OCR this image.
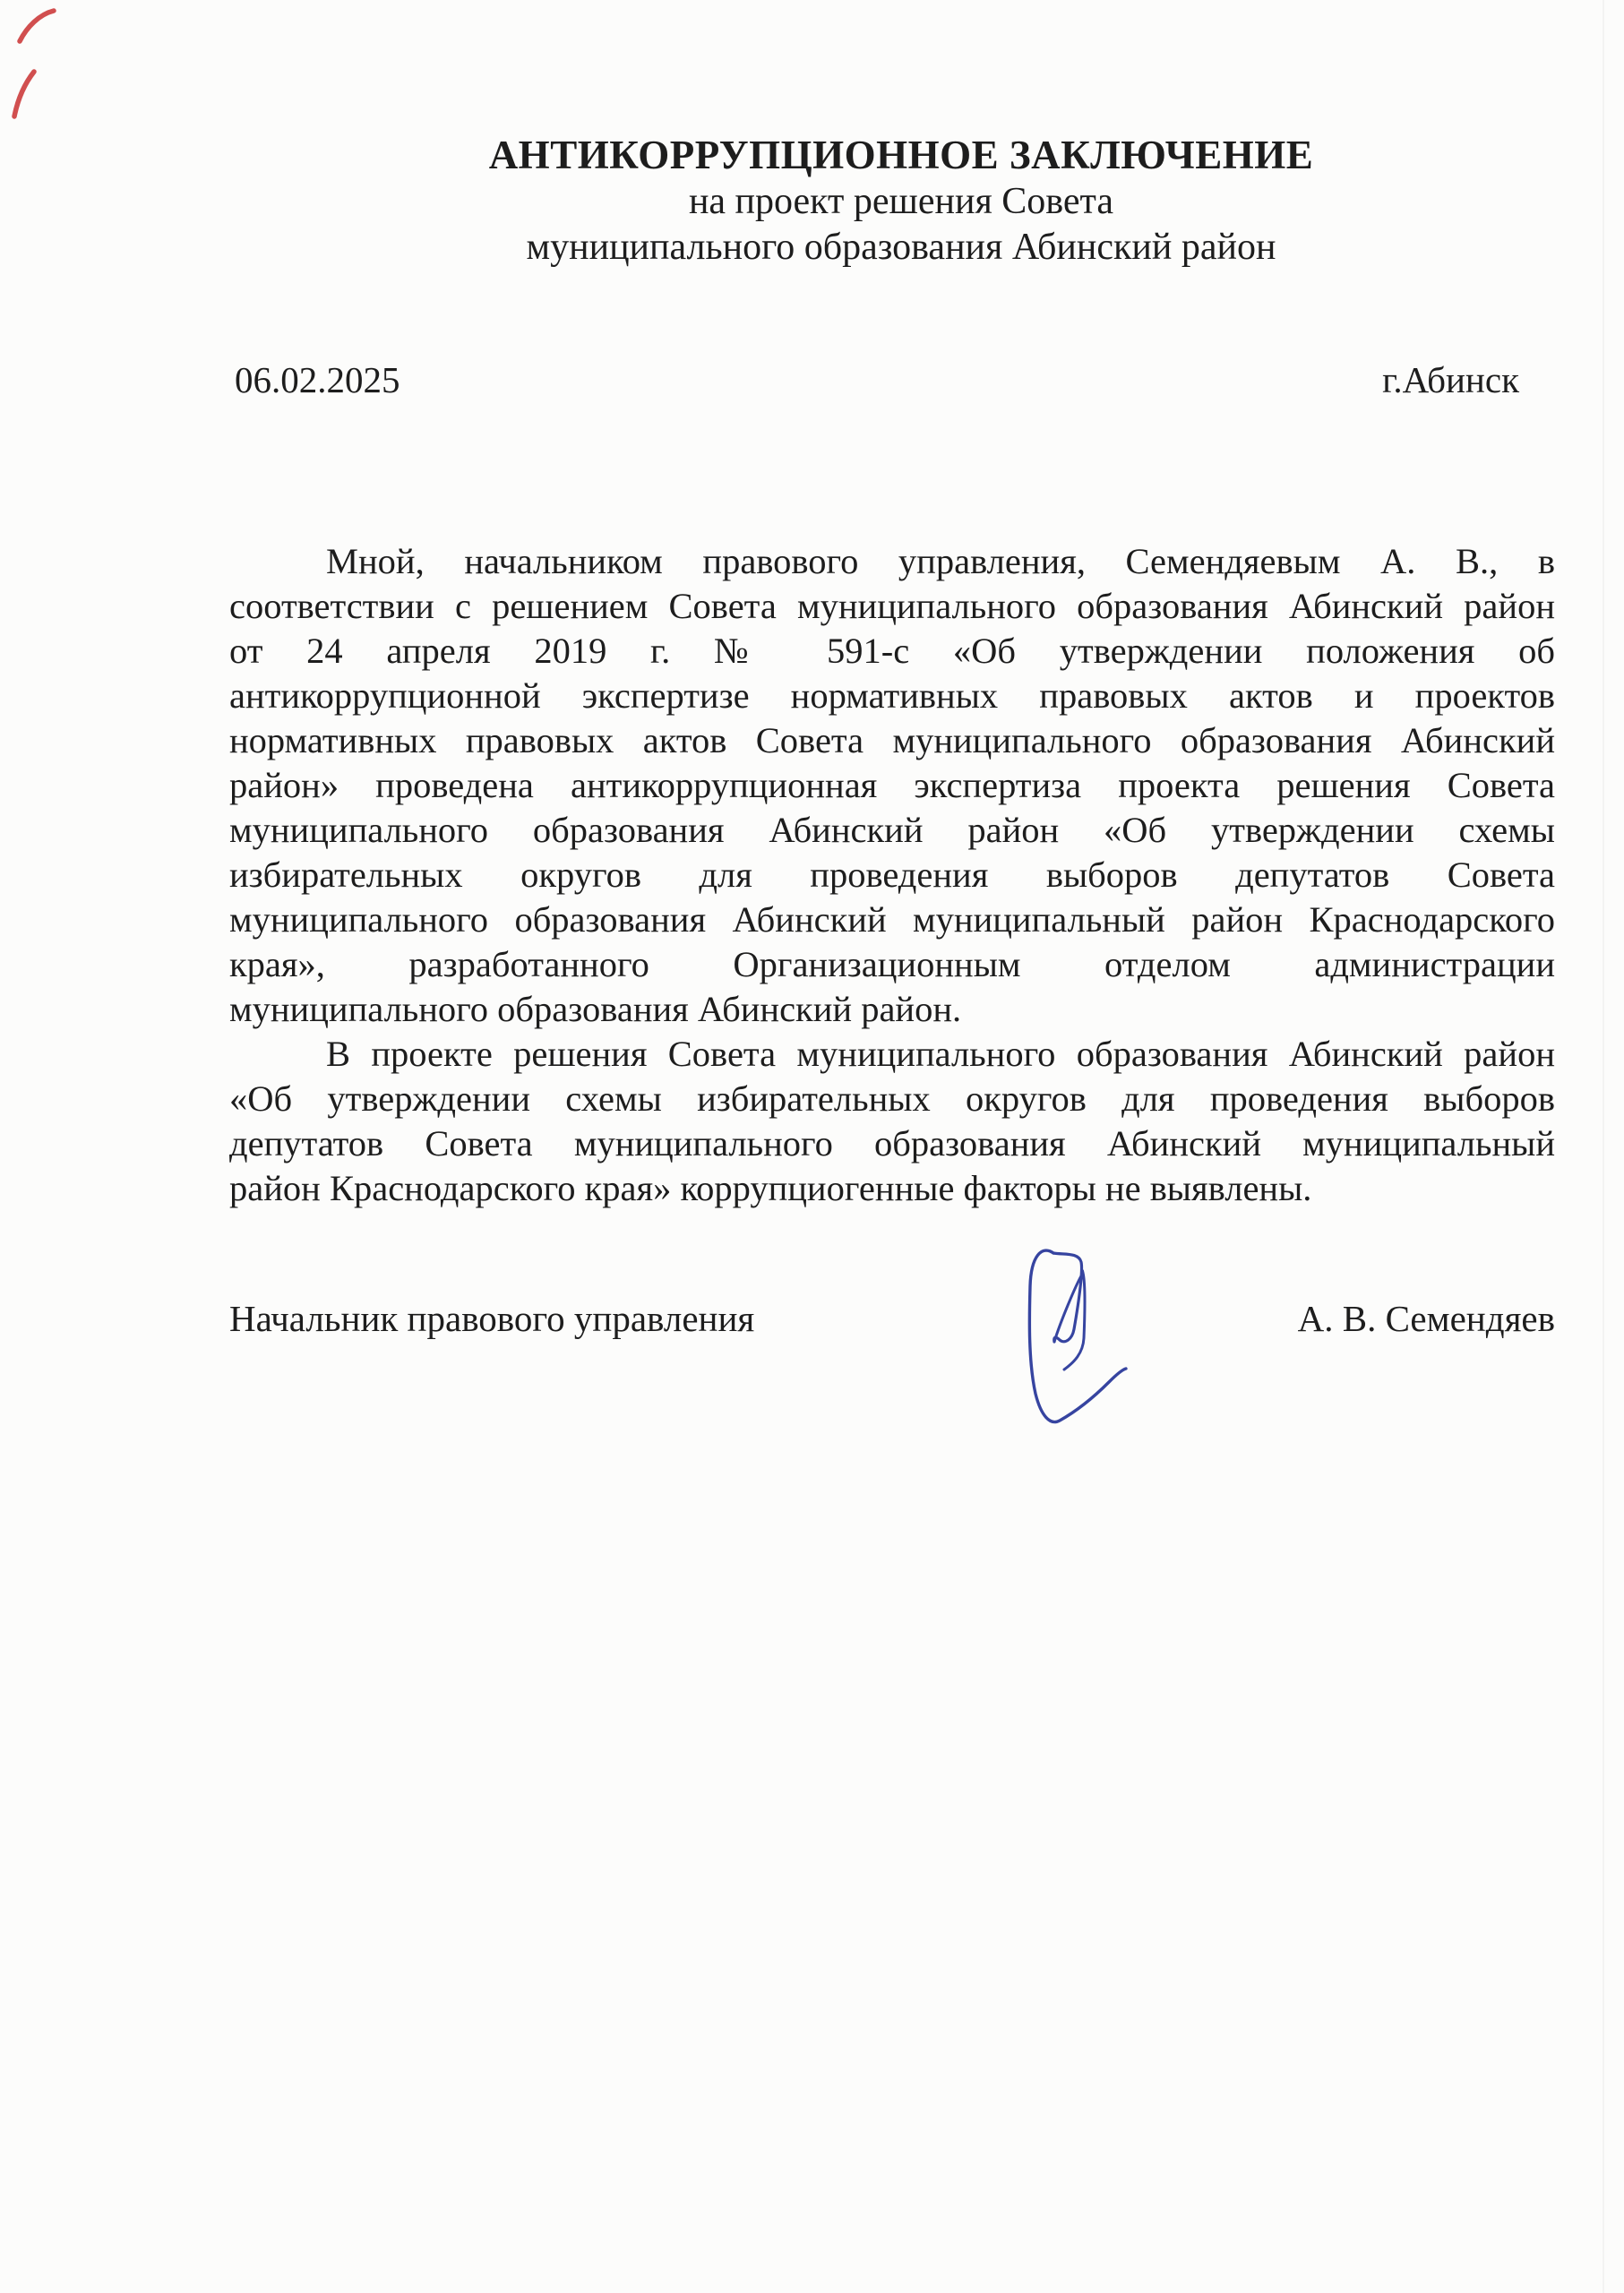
АНТИКОРРУПЦИОННОЕ ЗАКЛЮЧЕНИЕ
на проект решения Совета
муниципального образования Абинский район
06.02.2025	г.Абинск
Мной, начальником правового управления, Семендяевым А. В., в
соответствии с решением Совета муниципального образования Абинский район
от 24 апреля 2019 г. № 591-с «Об утверждении положения об
антикоррупционной экспертизе нормативных правовых актов и проектов
нормативных правовых актов Совета муниципального образования Абинский
район» проведена антикоррупционная экспертиза проекта решения Совета
муниципального образования Абинский район «Об утверждении схемы
избирательных округов для проведения выборов депутатов Совета
муниципального образования Абинский муниципальный район Краснодарского
края», разработанного Организационным отделом администрации
муниципального образования Абинский район.
В проекте решения Совета муниципального образования Абинский район
«Об утверждении схемы избирательных округов для проведения выборов
депутатов Совета муниципального образования Абинский муниципальный
район Краснодарского края» коррупциогенные факторы не выявлены.
Начальник правового управления	А. В. Семендяев
